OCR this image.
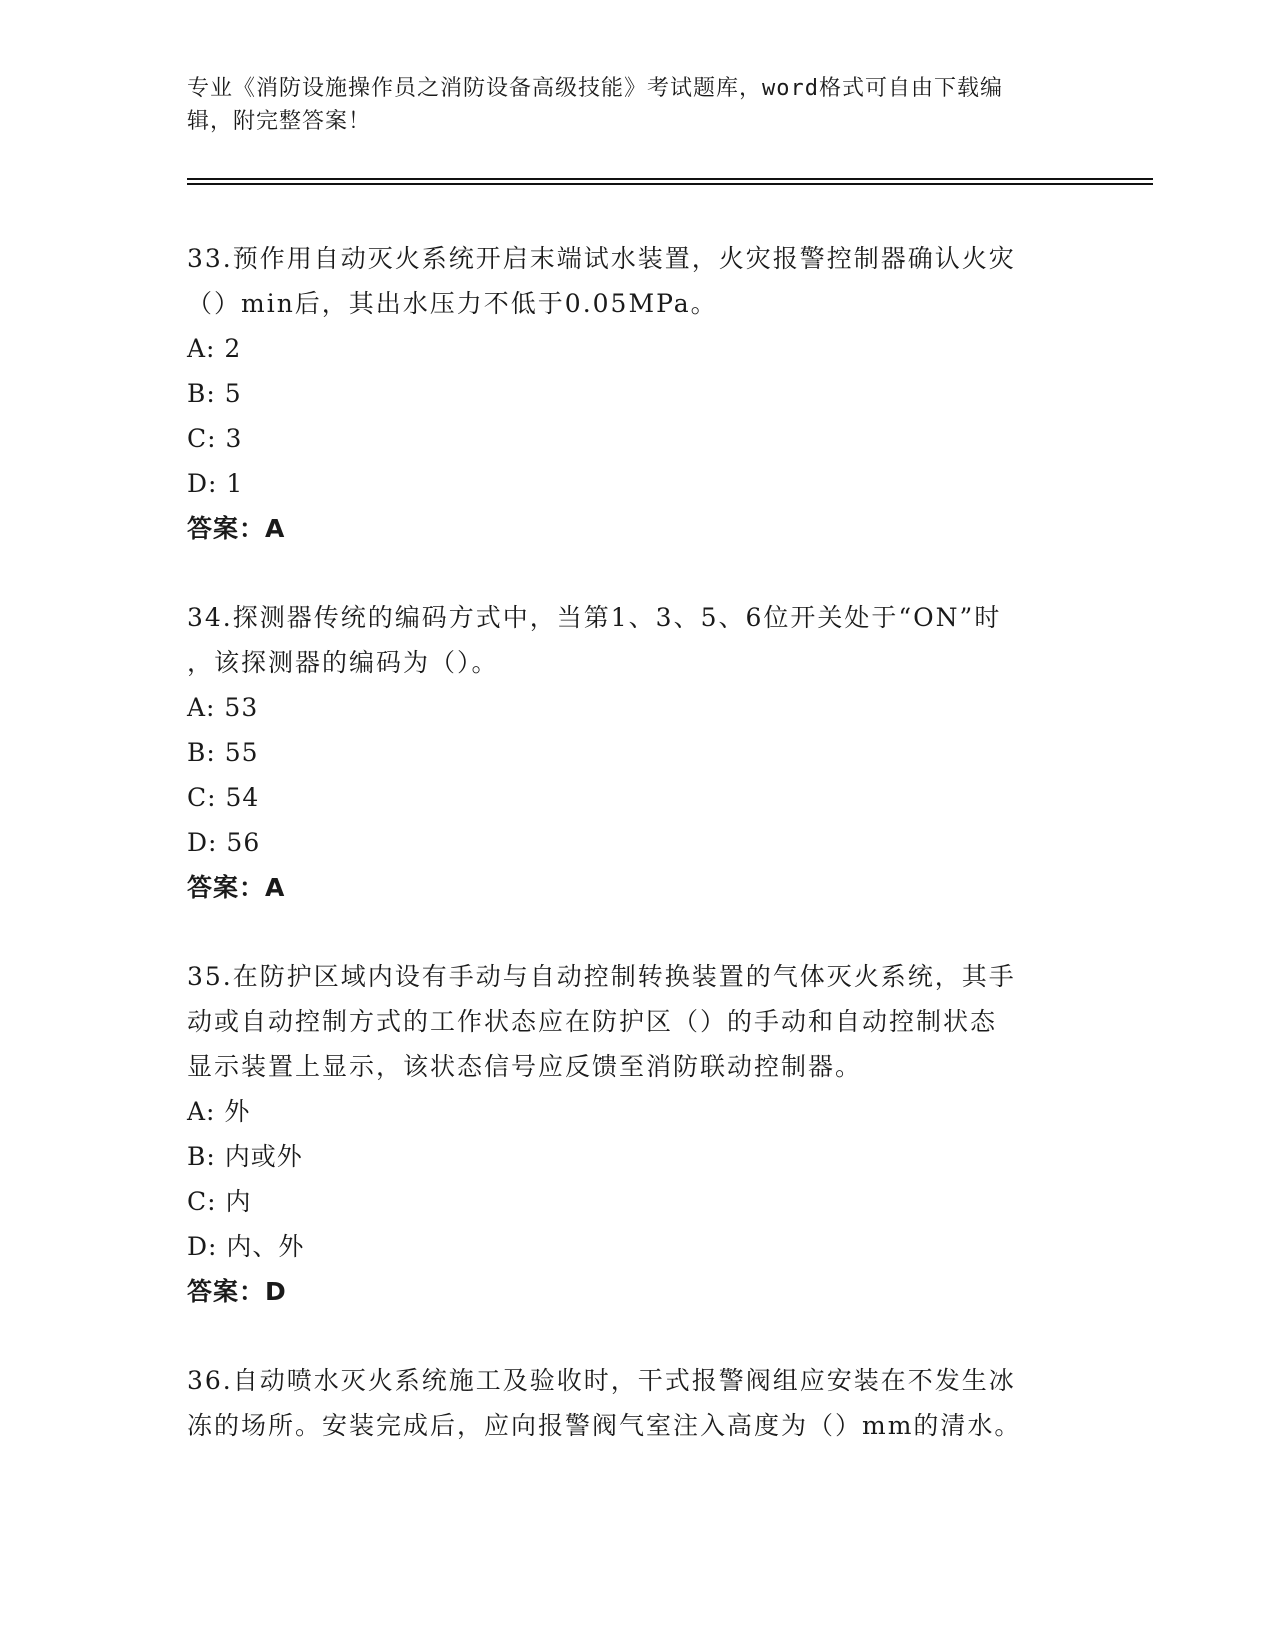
专业《消防设施操作员之消防设备高级技能》考试题库，word格式可自由下载编
辑，附完整答案！

33.预作用自动灭火系统开启末端试水装置，火灾报警控制器确认火灾

（）min后，其出水压力不低于0.05MPa。

A: 2

B: 5

C: 3

D: 1

答案：A

34.探测器传统的编码方式中，当第1、3、5、6位开关处于“ON”时

，该探测器的编码为（）。

A: 53

B: 55

C: 54

D: 56

答案：A

35.在防护区域内设有手动与自动控制转换装置的气体灭火系统，其手

动或自动控制方式的工作状态应在防护区（）的手动和自动控制状态

显示装置上显示，该状态信号应反馈至消防联动控制器。

A: 外

B: 内或外

C: 内

D: 内、外

答案：D

36.自动喷水灭火系统施工及验收时，干式报警阀组应安装在不发生冰

冻的场所。安装完成后，应向报警阀气室注入高度为（）mm的清水。
